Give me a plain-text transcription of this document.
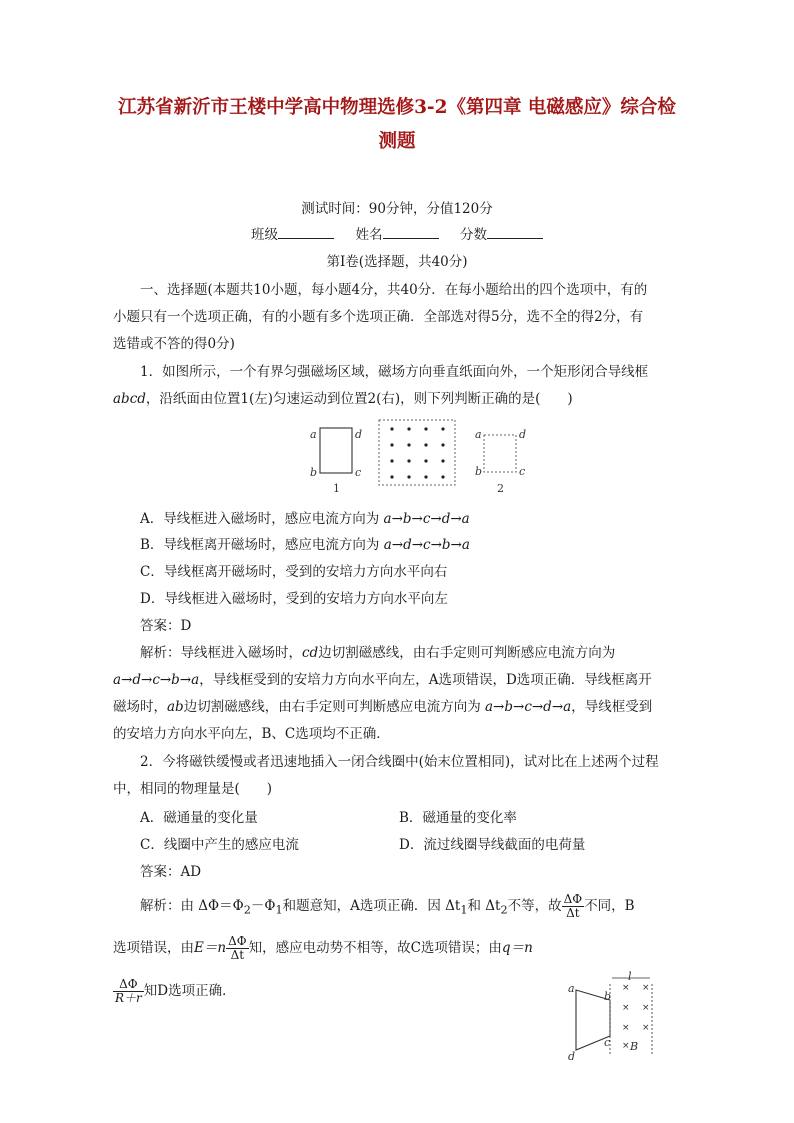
江苏省新沂市王楼中学高中物理选修3-2《第四章 电磁感应》综合检
测题
测试时间：90分钟，分值120分
班级	姓名	分数
第Ⅰ卷(选择题，共40分)
一、选择题(本题共10小题，每小题4分，共40分．在每小题给出的四个选项中，有的
小题只有一个选项正确，有的小题有多个选项正确．全部选对得5分，选不全的得2分，有
选错或不答的得0分)
1．如图所示，一个有界匀强磁场区域，磁场方向垂直纸面向外，一个矩形闭合导线框
abcd，沿纸面由位置1(左)匀速运动到位置2(右)，则下列判断正确的是(　　)
a
b
d
c
1
a
b
d
c
2
A．导线框进入磁场时，感应电流方向为 a→b→c→d→a
B．导线框离开磁场时，感应电流方向为 a→d→c→b→a
C．导线框离开磁场时，受到的安培力方向水平向右
D．导线框进入磁场时，受到的安培力方向水平向左
答案：D
解析：导线框进入磁场时，cd边切割磁感线，由右手定则可判断感应电流方向为
a→d→c→b→a，导线框受到的安培力方向水平向左，A选项错误，D选项正确．导线框离开
磁场时，ab边切割磁感线，由右手定则可判断感应电流方向为 a→b→c→d→a，导线框受到
的安培力方向水平向左，B、C选项均不正确．
2．今将磁铁缓慢或者迅速地插入一闭合线圈中(始末位置相同)，试对比在上述两个过程
中，相同的物理量是(　　)
A．磁通量的变化量	B．磁通量的变化率
C．线圈中产生的感应电流	D．流过线圈导线截面的电荷量
答案：AD
解析：由 $\Delta\Phi=\Phi_2-\Phi_1$和题意知，A选项正确．因 $\Delta t_1$和 $\Delta t_2$不等，故 $\frac{\Delta\Phi}{\Delta t}$ 不同，B
选项错误，由$E=n \frac{\Delta\Phi}{\Delta t}$ 知，感应电动势不相等，故C选项错误；由q＝n
$\frac{\Delta\Phi}{R+r}$ 知D选项正确．
l
a
b
c
d
B
× ×
× ×
× ×
×
